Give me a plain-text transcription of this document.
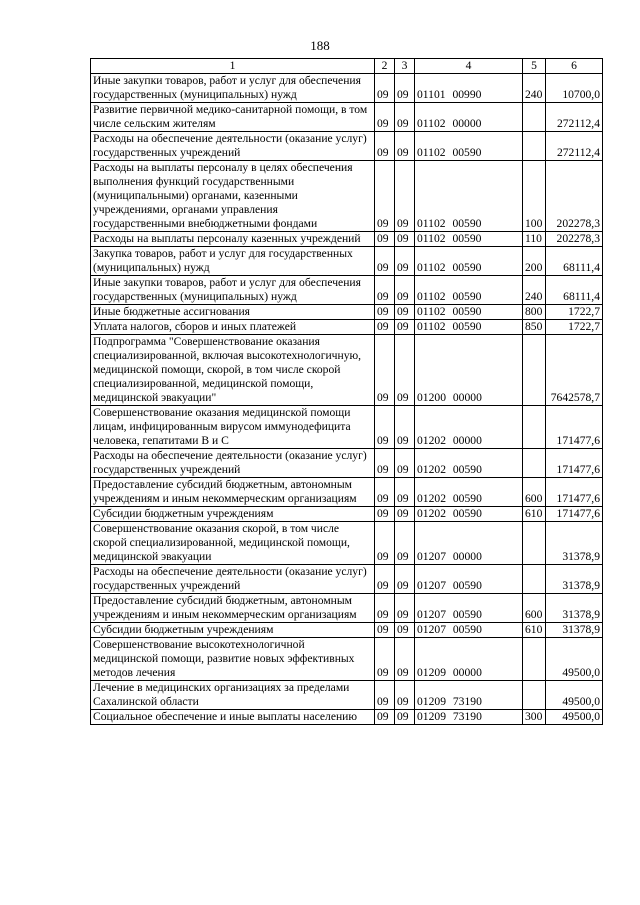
188
1	2	3	4	5	6
Иные закупки товаров, работ и услуг для обеспечения государственных (муниципальных) нужд	09	09	01101 00990	240	10700,0
Развитие первичной медико-санитарной помощи, в том числе сельским жителям	09	09	01102 00000		272112,4
Расходы на обеспечение деятельности (оказание услуг) государственных учреждений	09	09	01102 00590		272112,4
Расходы на выплаты персоналу в целях обеспечения выполнения функций государственными (муниципальными) органами, казенными учреждениями, органами управления государственными внебюджетными фондами	09	09	01102 00590	100	202278,3
Расходы на выплаты персоналу казенных учреждений	09	09	01102 00590	110	202278,3
Закупка товаров, работ и услуг для государственных (муниципальных) нужд	09	09	01102 00590	200	68111,4
Иные закупки товаров, работ и услуг для обеспечения государственных (муниципальных) нужд	09	09	01102 00590	240	68111,4
Иные бюджетные ассигнования	09	09	01102 00590	800	1722,7
Уплата налогов, сборов и иных платежей	09	09	01102 00590	850	1722,7
Подпрограмма "Совершенствование оказания специализированной, включая высокотехнологичную, медицинской помощи, скорой, в том числе скорой специализированной, медицинской помощи, медицинской эвакуации"	09	09	01200 00000		7642578,7
Совершенствование оказания медицинской помощи лицам, инфицированным вирусом иммунодефицита человека, гепатитами В и С	09	09	01202 00000		171477,6
Расходы на обеспечение деятельности (оказание услуг) государственных учреждений	09	09	01202 00590		171477,6
Предоставление субсидий бюджетным, автономным учреждениям и иным некоммерческим организациям	09	09	01202 00590	600	171477,6
Субсидии бюджетным учреждениям	09	09	01202 00590	610	171477,6
Совершенствование оказания скорой, в том числе скорой специализированной, медицинской помощи, медицинской эвакуации	09	09	01207 00000		31378,9
Расходы на обеспечение деятельности (оказание услуг) государственных учреждений	09	09	01207 00590		31378,9
Предоставление субсидий бюджетным, автономным учреждениям и иным некоммерческим организациям	09	09	01207 00590	600	31378,9
Субсидии бюджетным учреждениям	09	09	01207 00590	610	31378,9
Совершенствование высокотехнологичной медицинской помощи, развитие новых эффективных методов лечения	09	09	01209 00000		49500,0
Лечение в медицинских организациях за пределами Сахалинской области	09	09	01209 73190		49500,0
Социальное обеспечение и иные выплаты населению	09	09	01209 73190	300	49500,0
